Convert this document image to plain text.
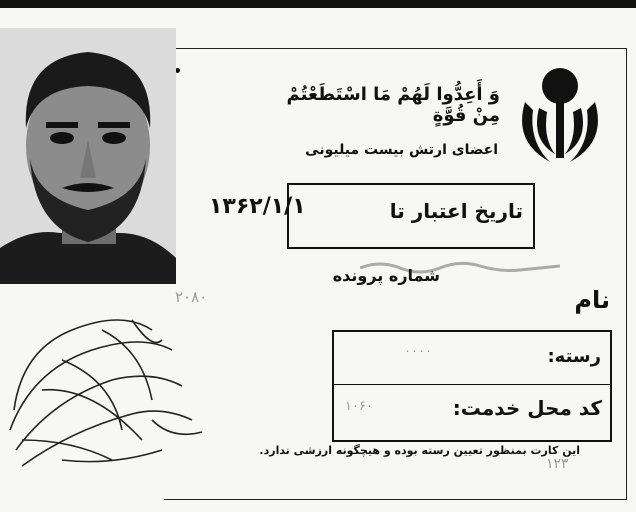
وَ أَعِدُّوا لَهُمْ مَا اسْتَطَعْتُمْ مِنْ قُوَّةٍ
اعضای ارتش بیست میلیونی
تاریخ اعتبار تا
۱۳۶۲/۱/۱
نام
شماره پرونده
۲۰۸۰
رسته:
۰۰۰۰
کد محل خدمت:
۱۰۶۰
این کارت بمنظور تعیین رسته بوده و هیچگونه ارزشی ندارد.
۱۲۳
